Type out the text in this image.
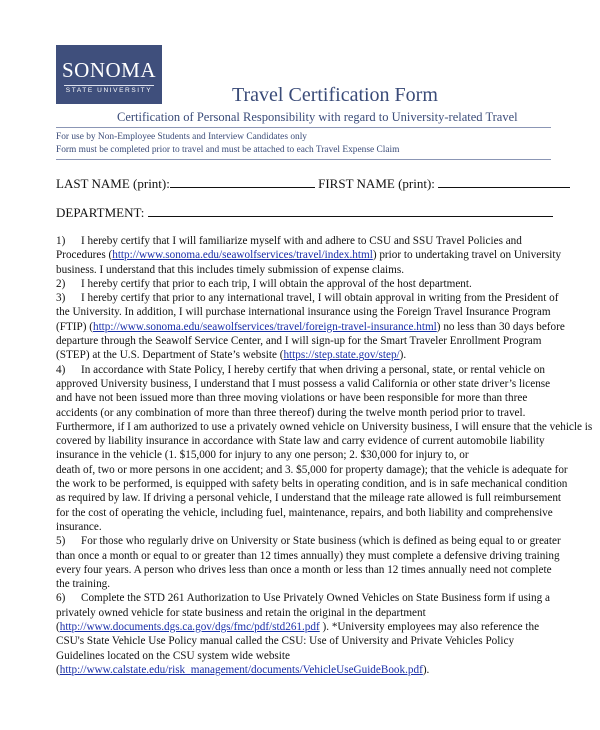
SONOMA
STATE UNIVERSITY	Travel Certification Form
Certification of Personal Responsibility with regard to University-related Travel
For use by Non-Employee Students and Interview Candidates only
Form must be completed prior to travel and must be attached to each Travel Expense Claim
LAST NAME (print):	FIRST NAME (print):
DEPARTMENT:
1) I hereby certify that I will familiarize myself with and adhere to CSU and SSU Travel Policies and
Procedures (http://www.sonoma.edu/seawolfservices/travel/index.html) prior to undertaking travel on University
business. I understand that this includes timely submission of expense claims.
2) I hereby certify that prior to each trip, I will obtain the approval of the host department.
3) I hereby certify that prior to any international travel, I will obtain approval in writing from the President of
the University. In addition, I will purchase international insurance using the Foreign Travel Insurance Program
(FTIP) (http://www.sonoma.edu/seawolfservices/travel/foreign-travel-insurance.html) no less than 30 days before
departure through the Seawolf Service Center, and I will sign-up for the Smart Traveler Enrollment Program
(STEP) at the U.S. Department of State’s website (https://step.state.gov/step/).
4) In accordance with State Policy, I hereby certify that when driving a personal, state, or rental vehicle on
approved University business, I understand that I must possess a valid California or other state driver’s license
and have not been issued more than three moving violations or have been responsible for more than three
accidents (or any combination of more than three thereof) during the twelve month period prior to travel.
Furthermore, if I am authorized to use a privately owned vehicle on University business, I will ensure that the vehicle is
covered by liability insurance in accordance with State law and carry evidence of current automobile liability
insurance in the vehicle (1. $15,000 for injury to any one person; 2. $30,000 for injury to, or
death of, two or more persons in one accident; and 3. $5,000 for property damage); that the vehicle is adequate for
the work to be performed, is equipped with safety belts in operating condition, and is in safe mechanical condition
as required by law. If driving a personal vehicle, I understand that the mileage rate allowed is full reimbursement
for the cost of operating the vehicle, including fuel, maintenance, repairs, and both liability and comprehensive
insurance.
5) For those who regularly drive on University or State business (which is defined as being equal to or greater
than once a month or equal to or greater than 12 times annually) they must complete a defensive driving training
every four years. A person who drives less than once a month or less than 12 times annually need not complete
the training.
6) Complete the STD 261 Authorization to Use Privately Owned Vehicles on State Business form if using a
privately owned vehicle for state business and retain the original in the department
(http://www.documents.dgs.ca.gov/dgs/fmc/pdf/std261.pdf ). *University employees may also reference the
CSU's State Vehicle Use Policy manual called the CSU: Use of University and Private Vehicles Policy
Guidelines located on the CSU system wide website
(http://www.calstate.edu/risk_management/documents/VehicleUseGuideBook.pdf).
